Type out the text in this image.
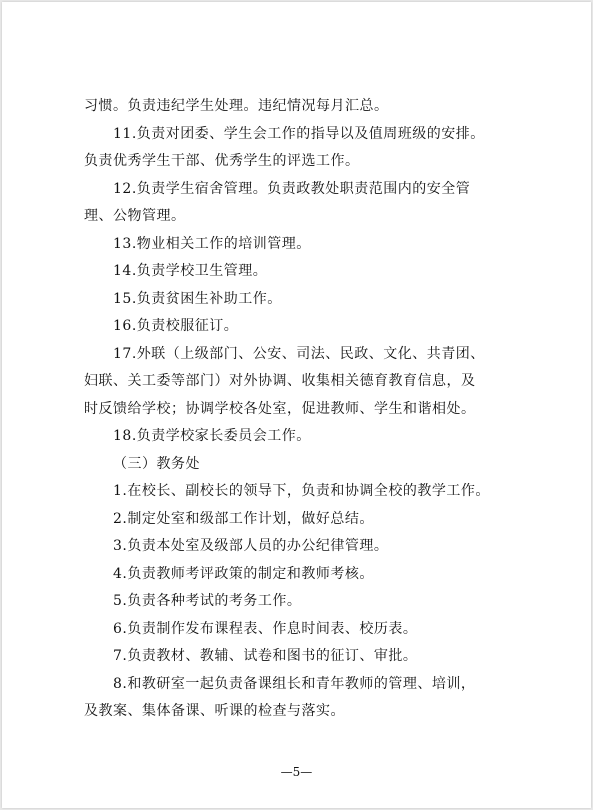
习惯。负责违纪学生处理。违纪情况每月汇总。
11.负责对团委、学生会工作的指导以及值周班级的安排。
负责优秀学生干部、优秀学生的评选工作。
12.负责学生宿舍管理。负责政教处职责范围内的安全管
理、公物管理。
13.物业相关工作的培训管理。
14.负责学校卫生管理。
15.负责贫困生补助工作。
16.负责校服征订。
17.外联（上级部门、公安、司法、民政、文化、共青团、
妇联、关工委等部门）对外协调、收集相关德育教育信息，及
时反馈给学校；协调学校各处室，促进教师、学生和谐相处。
18.负责学校家长委员会工作。
（三）教务处
1.在校长、副校长的领导下，负责和协调全校的教学工作。
2.制定处室和级部工作计划，做好总结。
3.负责本处室及级部人员的办公纪律管理。
4.负责教师考评政策的制定和教师考核。
5.负责各种考试的考务工作。
6.负责制作发布课程表、作息时间表、校历表。
7.负责教材、教辅、试卷和图书的征订、审批。
8.和教研室一起负责备课组长和青年教师的管理、培训，
及教案、集体备课、听课的检查与落实。
—5—
